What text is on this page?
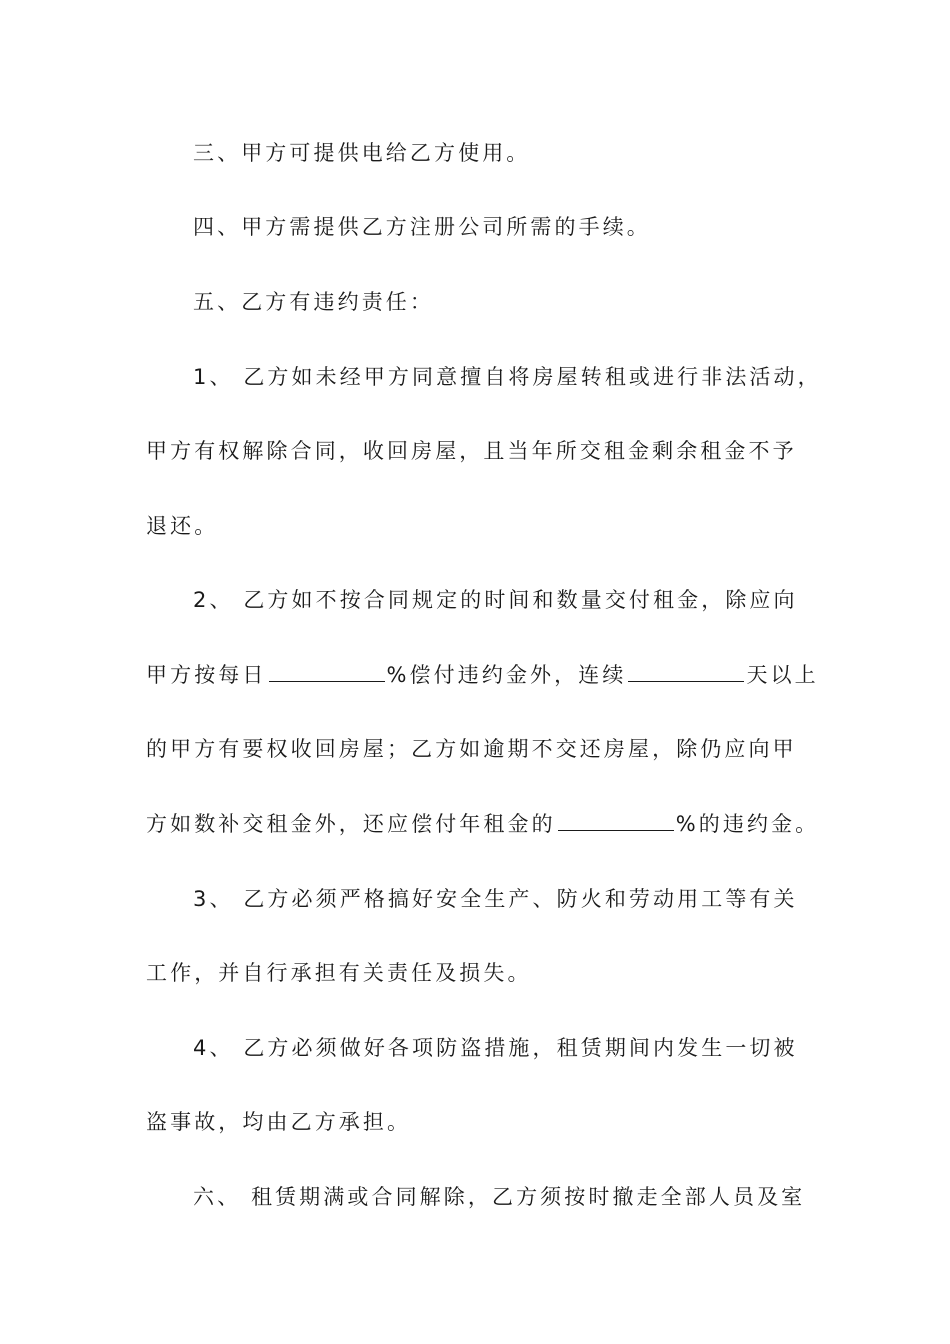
三、甲方可提供电给乙方使用。
四、甲方需提供乙方注册公司所需的手续。
五、乙方有违约责任：
1、 乙方如未经甲方同意擅自将房屋转租或进行非法活动，
甲方有权解除合同，收回房屋，且当年所交租金剩余租金不予
退还。
2、 乙方如不按合同规定的时间和数量交付租金，除应向
甲方按每日	%偿付违约金外，连续	天以上
的甲方有要权收回房屋；乙方如逾期不交还房屋，除仍应向甲
方如数补交租金外，还应偿付年租金的	%的违约金。
3、 乙方必须严格搞好安全生产、防火和劳动用工等有关
工作，并自行承担有关责任及损失。
4、 乙方必须做好各项防盗措施，租赁期间内发生一切被
盗事故，均由乙方承担。
六、 租赁期满或合同解除，乙方须按时撤走全部人员及室
